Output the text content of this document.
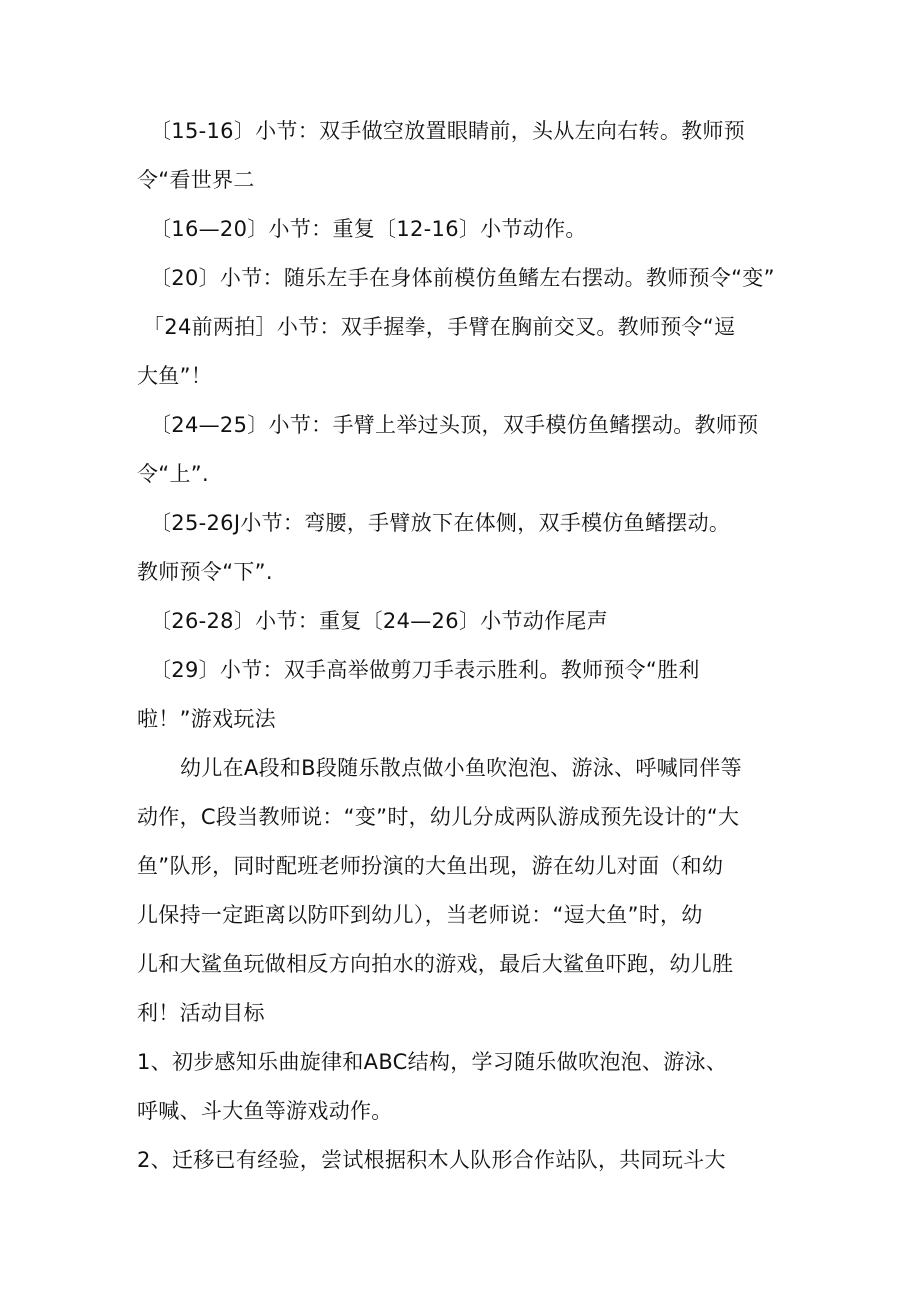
〔15-16〕小节：双手做空放置眼睛前，头从左向右转。教师预
令“看世界二
〔16—20〕小节：重复〔12-16〕小节动作。
〔20〕小节：随乐左手在身体前模仿鱼鳍左右摆动。教师预令“变”
「24前两拍］小节：双手握拳，手臂在胸前交叉。教师预令“逗
大鱼”！
〔24—25〕小节：手臂上举过头顶，双手模仿鱼鳍摆动。教师预
令“上”.
〔25-26J小节：弯腰，手臂放下在体侧，双手模仿鱼鳍摆动。
教师预令“下”.
〔26-28〕小节：重复〔24—26〕小节动作尾声
〔29〕小节：双手高举做剪刀手表示胜利。教师预令“胜利
啦！”游戏玩法
幼儿在A段和B段随乐散点做小鱼吹泡泡、游泳、呼喊同伴等
动作，C段当教师说：“变”时，幼儿分成两队游成预先设计的“大
鱼”队形，同时配班老师扮演的大鱼出现，游在幼儿对面（和幼
儿保持一定距离以防吓到幼儿），当老师说：“逗大鱼”时，幼
儿和大鲨鱼玩做相反方向拍水的游戏，最后大鲨鱼吓跑，幼儿胜
利！活动目标
1、初步感知乐曲旋律和ABC结构，学习随乐做吹泡泡、游泳、
呼喊、斗大鱼等游戏动作。
2、迁移已有经验，尝试根据积木人队形合作站队，共同玩斗大
